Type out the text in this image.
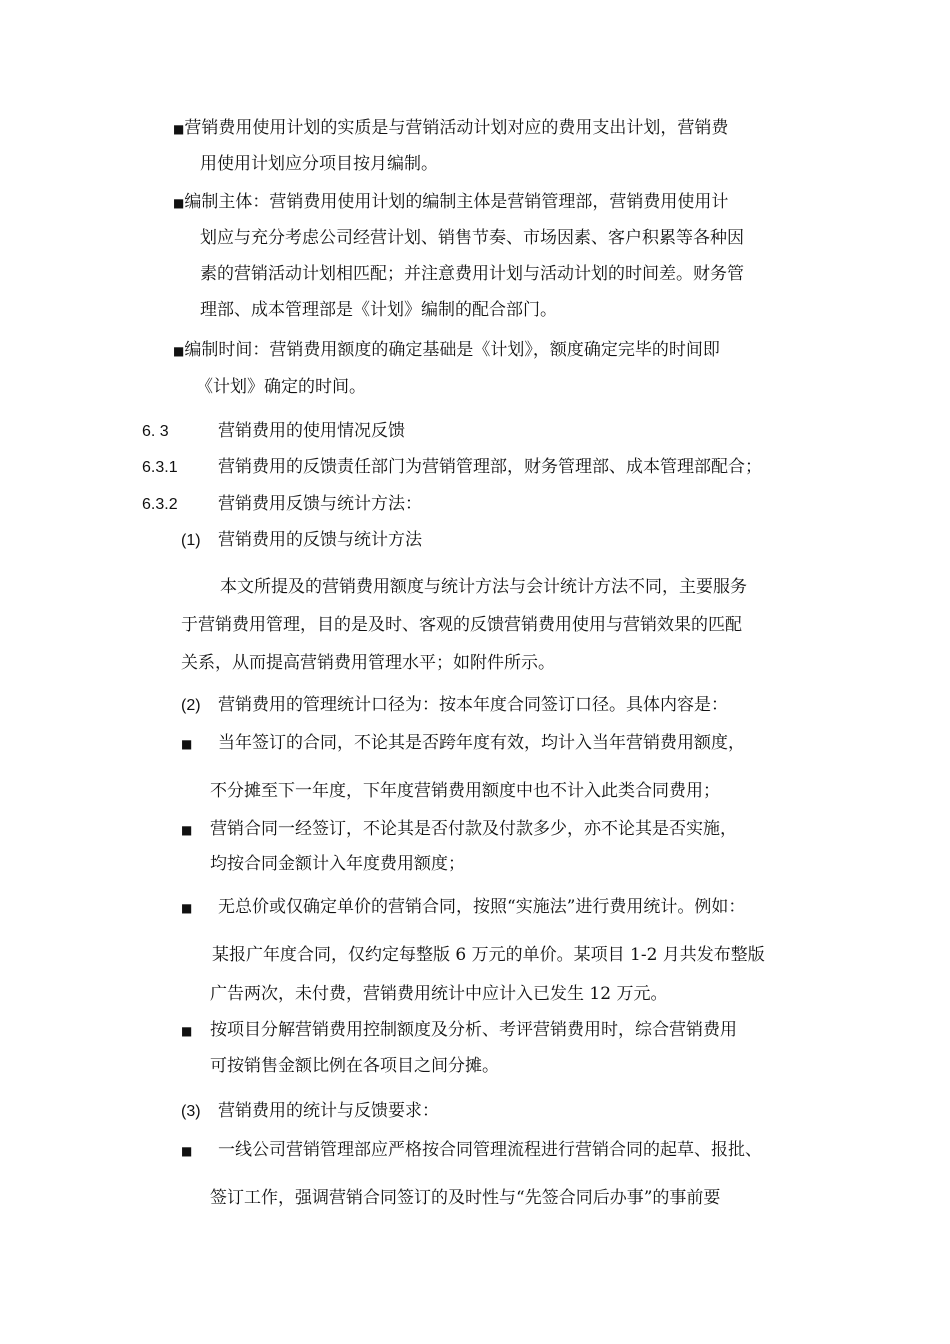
■营销费用使用计划的实质是与营销活动计划对应的费用支出计划，营销费
用使用计划应分项目按月编制。
■编制主体：营销费用使用计划的编制主体是营销管理部，营销费用使用计
划应与充分考虑公司经营计划、销售节奏、市场因素、客户积累等各种因
素的营销活动计划相匹配；并注意费用计划与活动计划的时间差。财务管
理部、成本管理部是《计划》编制的配合部门。
■编制时间：营销费用额度的确定基础是《计划》，额度确定完毕的时间即
《计划》确定的时间。
6. 3	营销费用的使用情况反馈
6.3.1 营销费用的反馈责任部门为营销管理部，财务管理部、成本管理部配合；
6.3.2 营销费用反馈与统计方法：
(1) 营销费用的反馈与统计方法
本文所提及的营销费用额度与统计方法与会计统计方法不同，主要服务
于营销费用管理，目的是及时、客观的反馈营销费用使用与营销效果的匹配
关系，从而提高营销费用管理水平；如附件所示。
(2) 营销费用的管理统计口径为：按本年度合同签订口径。具体内容是：
■ 当年签订的合同，不论其是否跨年度有效，均计入当年营销费用额度，
不分摊至下一年度，下年度营销费用额度中也不计入此类合同费用；
■ 营销合同一经签订，不论其是否付款及付款多少，亦不论其是否实施，
均按合同金额计入年度费用额度；
■ 无总价或仅确定单价的营销合同，按照“实施法”进行费用统计。例如：
某报广年度合同，仅约定每整版 6 万元的单价。某项目 1-2 月共发布整版
广告两次，未付费，营销费用统计中应计入已发生 12 万元。
■ 按项目分解营销费用控制额度及分析、考评营销费用时，综合营销费用
可按销售金额比例在各项目之间分摊。
(3) 营销费用的统计与反馈要求：
■ 一线公司营销管理部应严格按合同管理流程进行营销合同的起草、报批、
签订工作，强调营销合同签订的及时性与“先签合同后办事”的事前要
